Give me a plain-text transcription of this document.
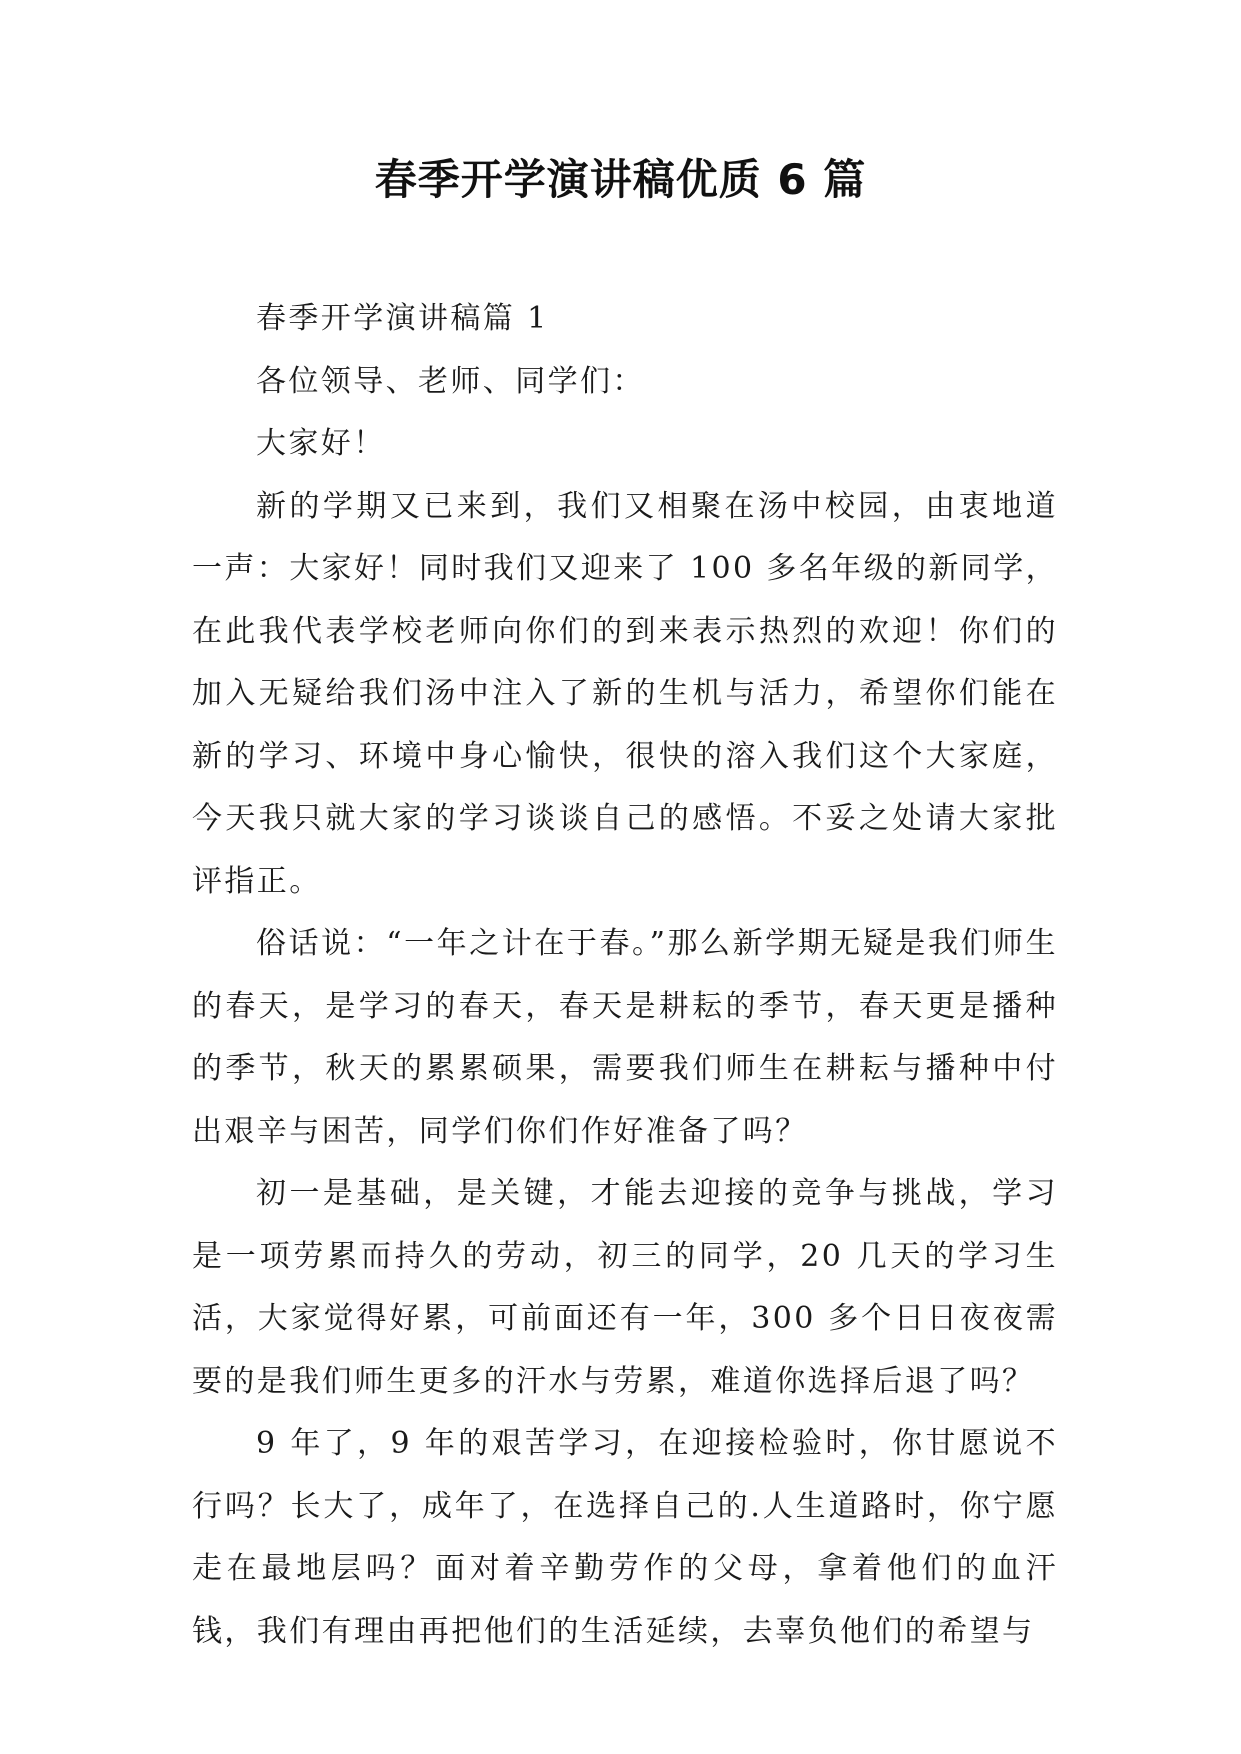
春季开学演讲稿优质 6 篇

春季开学演讲稿篇 1

各位领导、老师、同学们：

大家好！

新的学期又已来到，我们又相聚在汤中校园，由衷地道一声：大家好！同时我们又迎来了 100 多名年级的新同学，在此我代表学校老师向你们的到来表示热烈的欢迎！你们的加入无疑给我们汤中注入了新的生机与活力，希望你们能在新的学习、环境中身心愉快，很快的溶入我们这个大家庭，今天我只就大家的学习谈谈自己的感悟。不妥之处请大家批评指正。

俗话说：“一年之计在于春。”那么新学期无疑是我们师生的春天，是学习的春天，春天是耕耘的季节，春天更是播种的季节，秋天的累累硕果，需要我们师生在耕耘与播种中付出艰辛与困苦，同学们你们作好准备了吗？

初一是基础，是关键，才能去迎接的竞争与挑战，学习是一项劳累而持久的劳动，初三的同学，20 几天的学习生活，大家觉得好累，可前面还有一年，300 多个日日夜夜需要的是我们师生更多的汗水与劳累，难道你选择后退了吗？

9 年了，9 年的艰苦学习，在迎接检验时，你甘愿说不行吗？长大了，成年了，在选择自己的.人生道路时，你宁愿走在最地层吗？面对着辛勤劳作的父母，拿着他们的血汗钱，我们有理由再把他们的生活延续，去辜负他们的希望与
